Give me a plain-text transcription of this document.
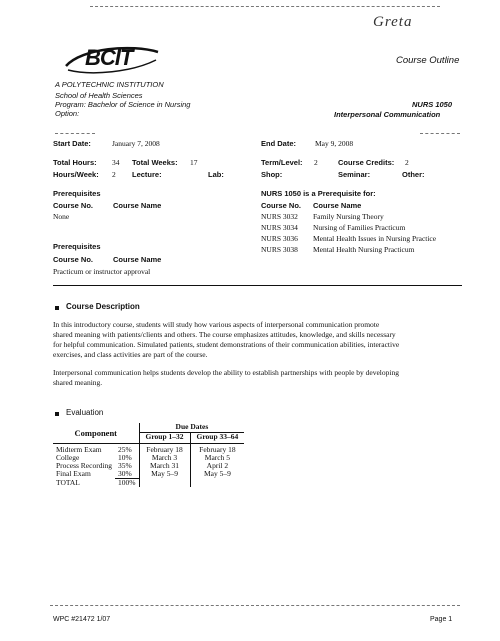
Greta
BCIT	Course Outline
A POLYTECHNIC INSTITUTION
School of Health Sciences
Program: Bachelor of Science in Nursing
Option:
NURS 1050
Interpersonal Communication
Start Date:	January 7, 2008	End Date:	May 9, 2008
Total Hours: 34 Total Weeks: 17	Term/Level: 2	Course Credits: 2
Hours/Week: 2 Lecture:	Lab:	Shop:	Seminar:	Other:
Prerequisites
Course No.	Course Name
None
Prerequisites
Course No.	Course Name
Practicum or instructor approval
NURS 1050 is a Prerequisite for:
Course No. Course Name
NURS 3032 Family Nursing Theory
NURS 3034 Nursing of Families Practicum
NURS 3036 Mental Health Issues in Nursing Practice
NURS 3038 Mental Health Nursing Practicum
Course Description
In this introductory course, students will study how various aspects of interpersonal communication promote
shared meaning with patients/clients and others. The course emphasizes attitudes, knowledge, and skills necessary
for helpful communication. Simulated patients, student demonstrations of their communication abilities, interactive
exercises, and class activities are part of the course.
Interpersonal communication helps students develop the ability to establish partnerships with people by developing
shared meaning.
Evaluation
Component		Due Dates	
		Group 1–32	Group 33–64
Midterm Exam	25%	February 18	February 18
College	10%	March 3	March 5
Process Recording	35%	March 31	April 2
Final Exam	30%	May 5–9	May 5–9
TOTAL	100%		
WPC #21472 1/07	Page 1
